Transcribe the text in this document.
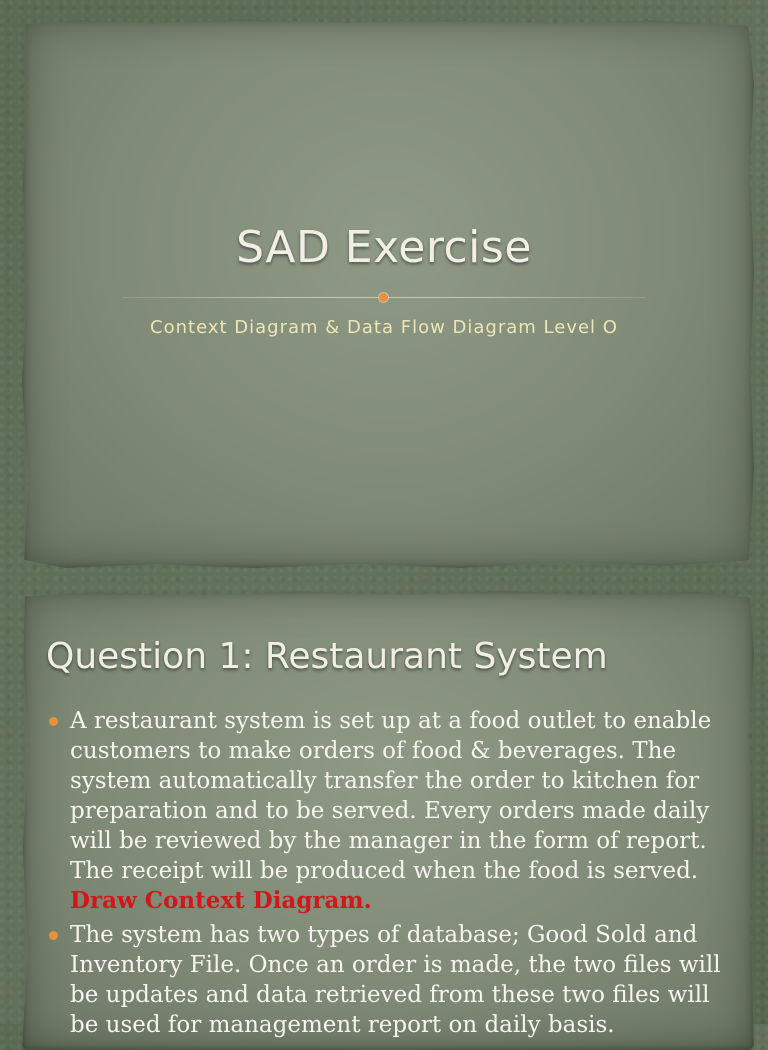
SAD Exercise
Context Diagram & Data Flow Diagram Level O
Question 1: Restaurant System
A restaurant system is set up at a food outlet to enable customers to make orders of food & beverages. The system automatically transfer the order to kitchen for preparation and to be served. Every orders made daily will be reviewed by the manager in the form of report. The receipt will be produced when the food is served.
Draw Context Diagram.
The system has two types of database; Good Sold and Inventory File. Once an order is made, the two files will be updates and data retrieved from these two files will be used for management report on daily basis.
